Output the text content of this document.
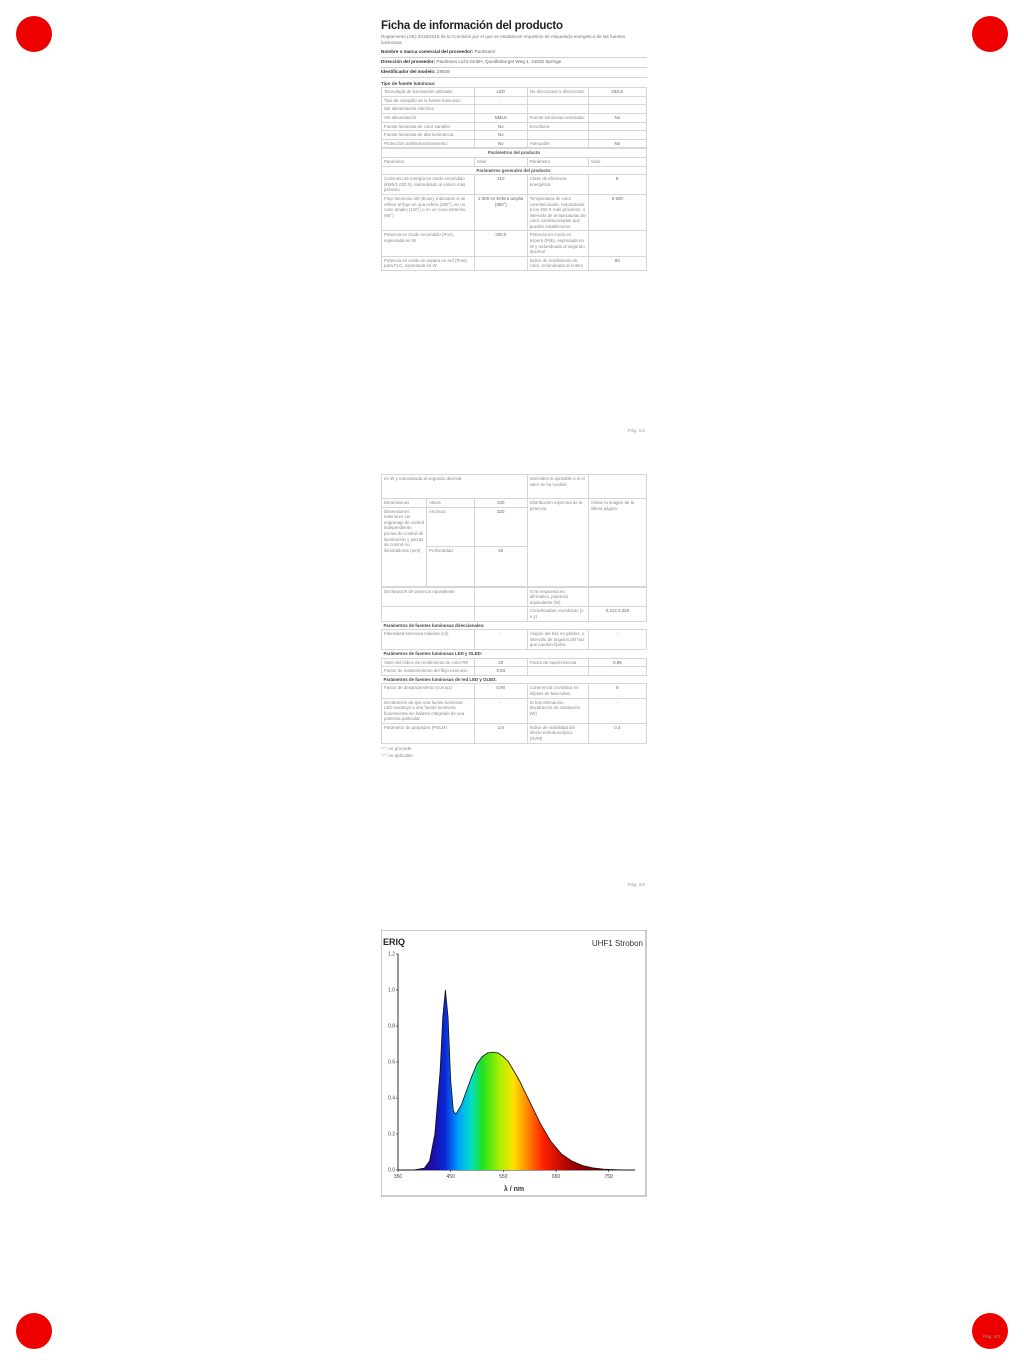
Ficha de información del producto
Reglamento (UE) 2019/2015 de la Comisión por el que se establecen requisitos de etiquetado energético de las fuentes luminosas
Nombre o marca comercial del proveedor: Paulmann
Dirección del proveedor: Paulmann Licht GmbH, Quedlinburger Weg 1, 31832 Springe
Identificador del modelo: 28939
Tipo de fuente luminosa:
Tecnología de iluminación utilizada:	LED	No direccional o direccional:	NDLS
Tipo de casquillo de la fuente luminosa:	-		
Sin alimentación eléctrica			
Sin alimentación	NMLS	Fuente luminosa conectada:	No
Fuente luminosa de color variable:	No	Envoltorio:	
Fuente luminosa de alta luminancia:	No		
Protección antideslumbramiento:	No	Atenuable:	No
Parámetros del producto			
Parámetro	Valor	Parámetro	Valor
Parámetros generales del producto:			
Consumo de energía en modo encendido (kWh/1 000 h), redondeado al entero más próximo	210	Clase de eficiencia energética	E
Flujo luminoso útil (Φuse), indicando si se refiere al flujo en una esfera (360°), en un cono amplio (120°) o en un cono estrecho (90°)	2 600 en Esfera amplia (360°)	Temperatura de color correlacionada, redondeada a los 100 K más próximos, o intervalo de temperaturas de color correlacionadas que pueden establecerse	6 500
Potencia en modo encendido (Pon), expresada en W	200,0	Potencia en modo en espera (Psb), expresada en W y redondeada al segundo decimal	
Potencia en modo en espera en red (Pnet) para FLC, expresada en W		Índice de rendimiento de color, redondeado al entero	80
Pág. 1/3
en W y redondeada al segundo decimal			Intervalos si ajustable o si el valor se ha medido	
Dimensiones	Altura	430	Distribución espectral de la potencia	Véase la imagen de la última página
Dimensiones exteriores sin engranaje de control independiente, piezas de control de iluminación y piezas de control no iluminadoras (mm)	Anchura	320		
	Profundidad	45		
Declaración de potencia equivalente		Si la respuesta es afirmativa, potencia equivalente (W)	
		Coordenadas cromáticas (x e y)	0,313 0,329
Parámetros de fuentes luminosas direccionales:			
Intensidad luminosa máxima (cd)	-	Ángulo del haz en grados, o intervalo de ángulos del haz que pueden fijarse	-
Parámetros de fuentes luminosas LED y OLED:			
Valor del índice de rendimiento de color R9	20	Factor de supervivencia	0,95
Factor de mantenimiento del flujo luminoso	0,93		
Parámetros de fuentes luminosas de red LED y OLED:			
Factor de desplazamiento (cos φ1)	0,90	Coherencia cromática en elipses de MacAdam	6
Declaración de que una fuente luminosa LED sustituye a una fuente luminosa fluorescente sin balasto integrado de una potencia particular	-	Si hay afirmación, declaración de sustitución (W)	-
Parámetro de parpadeo (PstLM)	1,0	Índice de visibilidad del efecto estroboscópico (SVM)	0,4
"-": no procede
"-": no aplicable
Pág. 2/3
ERIQ	UHF1 Strobon
0.0
0.2
0.4
0.6
0.8
1.0
1.2
350	450	550	650	750
λ / nm
Pág. 3/3
